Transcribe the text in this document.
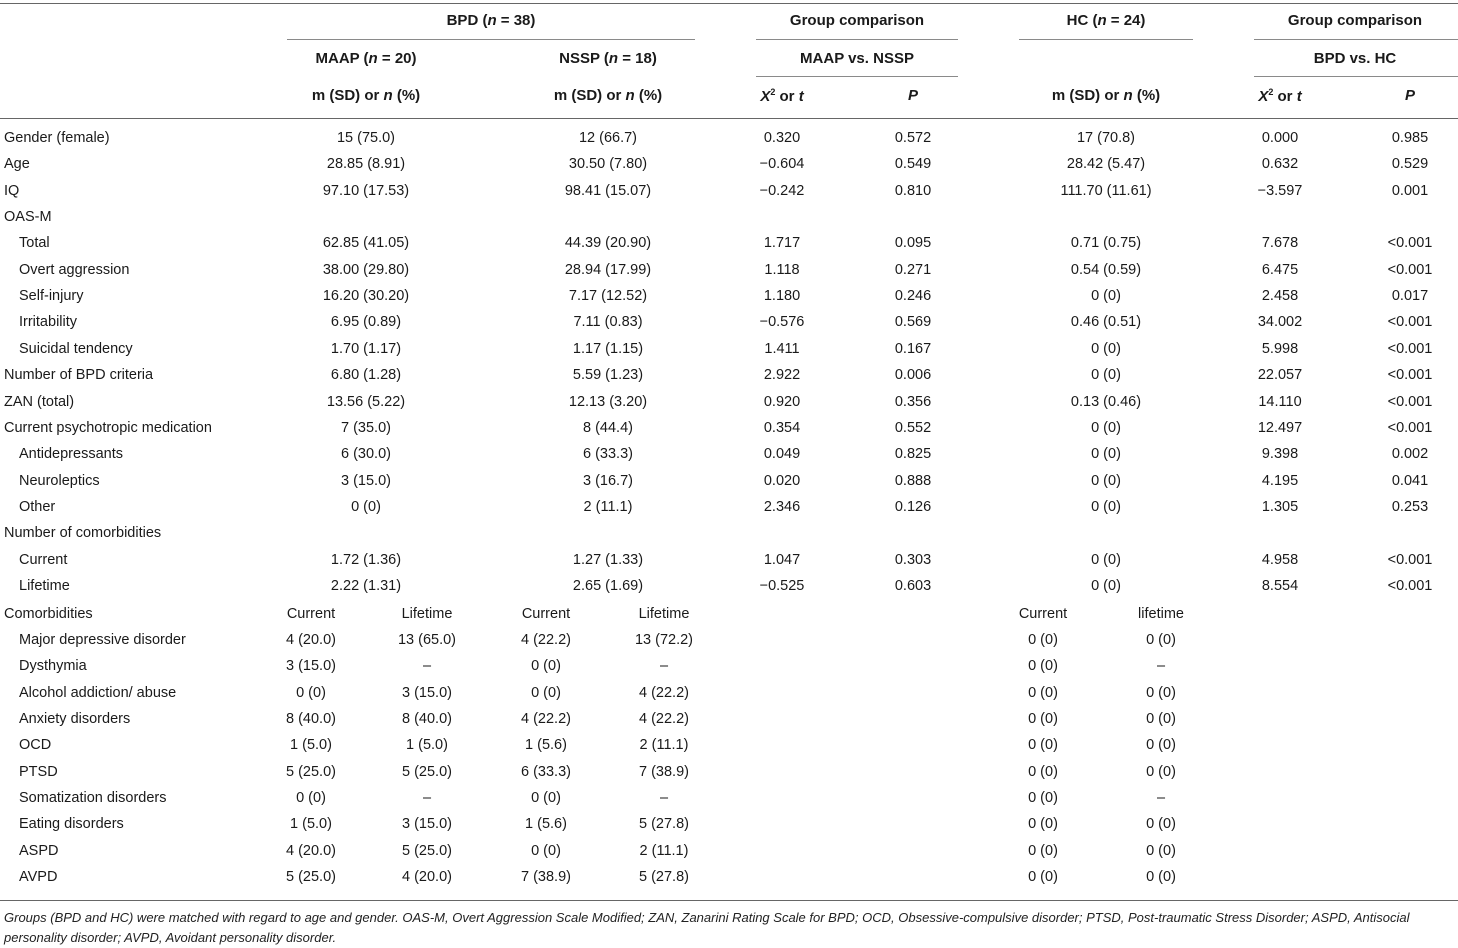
BPD (n = 38)	Group comparison	HC (n = 24)	Group comparison
MAAP (n = 20)	NSSP (n = 18)	MAAP vs. NSSP	BPD vs. HC
m (SD) or n (%)	m (SD) or n (%)	$X^2$ or t	P	m (SD) or n (%)	$X^2$ or t	P
Gender (female)	15 (75.0)	12 (66.7)	0.320	0.572	17 (70.8)	0.000	0.985
Age	28.85 (8.91)	30.50 (7.80)	−0.604	0.549	28.42 (5.47)	0.632	0.529
IQ	97.10 (17.53)	98.41 (15.07)	−0.242	0.810	111.70 (11.61)	−3.597	0.001
OAS-M
Total	62.85 (41.05)	44.39 (20.90)	1.717	0.095	0.71 (0.75)	7.678	<0.001
Overt aggression	38.00 (29.80)	28.94 (17.99)	1.118	0.271	0.54 (0.59)	6.475	<0.001
Self-injury	16.20 (30.20)	7.17 (12.52)	1.180	0.246	0 (0)	2.458	0.017
Irritability	6.95 (0.89)	7.11 (0.83)	−0.576	0.569	0.46 (0.51)	34.002	<0.001
Suicidal tendency	1.70 (1.17)	1.17 (1.15)	1.411	0.167	0 (0)	5.998	<0.001
Number of BPD criteria	6.80 (1.28)	5.59 (1.23)	2.922	0.006	0 (0)	22.057	<0.001
ZAN (total)	13.56 (5.22)	12.13 (3.20)	0.920	0.356	0.13 (0.46)	14.110	<0.001
Current psychotropic medication	7 (35.0)	8 (44.4)	0.354	0.552	0 (0)	12.497	<0.001
Antidepressants	6 (30.0)	6 (33.3)	0.049	0.825	0 (0)	9.398	0.002
Neuroleptics	3 (15.0)	3 (16.7)	0.020	0.888	0 (0)	4.195	0.041
Other	0 (0)	2 (11.1)	2.346	0.126	0 (0)	1.305	0.253
Number of comorbidities
Current	1.72 (1.36)	1.27 (1.33)	1.047	0.303	0 (0)	4.958	<0.001
Lifetime	2.22 (1.31)	2.65 (1.69)	−0.525	0.603	0 (0)	8.554	<0.001
Comorbidities	Current	Lifetime	Current	Lifetime	Current	lifetime
Major depressive disorder	4 (20.0)	13 (65.0)	4 (22.2)	13 (72.2)	0 (0)	0 (0)
Dysthymia	3 (15.0)	–	0 (0)	–	0 (0)	–
Alcohol addiction/ abuse	0 (0)	3 (15.0)	0 (0)	4 (22.2)	0 (0)	0 (0)
Anxiety disorders	8 (40.0)	8 (40.0)	4 (22.2)	4 (22.2)	0 (0)	0 (0)
OCD	1 (5.0)	1 (5.0)	1 (5.6)	2 (11.1)	0 (0)	0 (0)
PTSD	5 (25.0)	5 (25.0)	6 (33.3)	7 (38.9)	0 (0)	0 (0)
Somatization disorders	0 (0)	–	0 (0)	–	0 (0)	–
Eating disorders	1 (5.0)	3 (15.0)	1 (5.6)	5 (27.8)	0 (0)	0 (0)
ASPD	4 (20.0)	5 (25.0)	0 (0)	2 (11.1)	0 (0)	0 (0)
AVPD	5 (25.0)	4 (20.0)	7 (38.9)	5 (27.8)	0 (0)	0 (0)
Groups (BPD and HC) were matched with regard to age and gender. OAS-M, Overt Aggression Scale Modified; ZAN, Zanarini Rating Scale for BPD; OCD, Obsessive-compulsive disorder; PTSD, Post-traumatic Stress Disorder; ASPD, Antisocial personality disorder; AVPD, Avoidant personality disorder.
